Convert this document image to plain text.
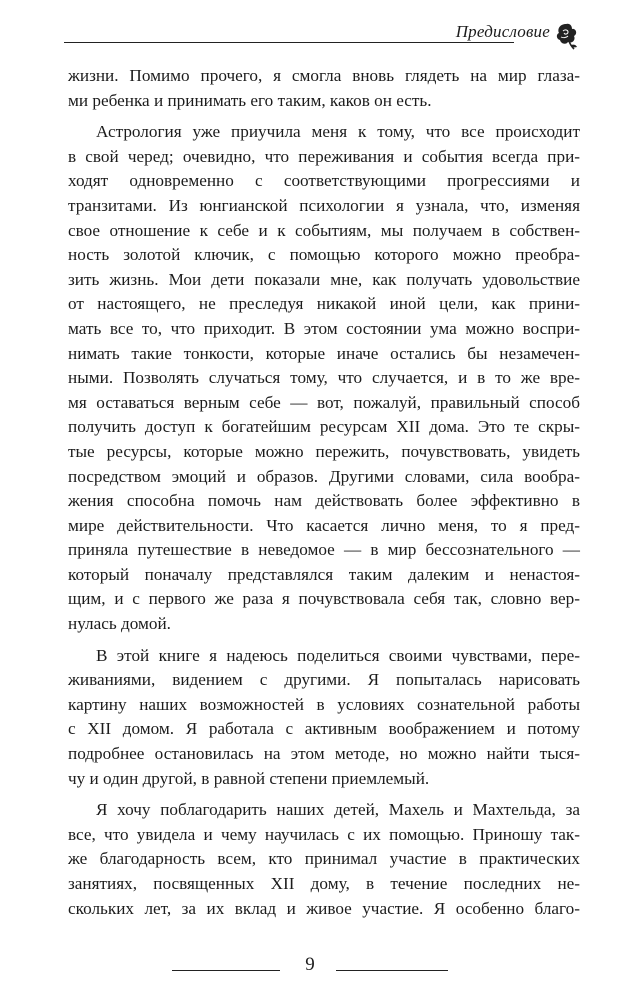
Предисловие

жизни. Помимо прочего, я смогла вновь глядеть на мир глаза-
ми ребенка и принимать его таким, каков он есть.

Астрология уже приучила меня к тому, что все происходит
в свой черед; очевидно, что переживания и события всегда при-
ходят одновременно с соответствующими прогрессиями и
транзитами. Из юнгианской психологии я узнала, что, изменяя
свое отношение к себе и к событиям, мы получаем в собствен-
ность золотой ключик, с помощью которого можно преобра-
зить жизнь. Мои дети показали мне, как получать удовольствие
от настоящего, не преследуя никакой иной цели, как прини-
мать все то, что приходит. В этом состоянии ума можно воспри-
нимать такие тонкости, которые иначе остались бы незамечен-
ными. Позволять случаться тому, что случается, и в то же вре-
мя оставаться верным себе — вот, пожалуй, правильный способ
получить доступ к богатейшим ресурсам XII дома. Это те скры-
тые ресурсы, которые можно пережить, почувствовать, увидеть
посредством эмоций и образов. Другими словами, сила вообра-
жения способна помочь нам действовать более эффективно в
мире действительности. Что касается лично меня, то я пред-
приняла путешествие в неведомое — в мир бессознательного —
который поначалу представлялся таким далеким и ненастоя-
щим, и с первого же раза я почувствовала себя так, словно вер-
нулась домой.

В этой книге я надеюсь поделиться своими чувствами, пере-
живаниями, видением с другими. Я попыталась нарисовать
картину наших возможностей в условиях сознательной работы
с XII домом. Я работала с активным воображением и потому
подробнее остановилась на этом методе, но можно найти тыся-
чу и один другой, в равной степени приемлемый.

Я хочу поблагодарить наших детей, Махель и Махтельда, за
все, что увидела и чему научилась с их помощью. Приношу так-
же благодарность всем, кто принимал участие в практических
занятиях, посвященных XII дому, в течение последних не-
скольких лет, за их вклад и живое участие. Я особенно благо-

9
